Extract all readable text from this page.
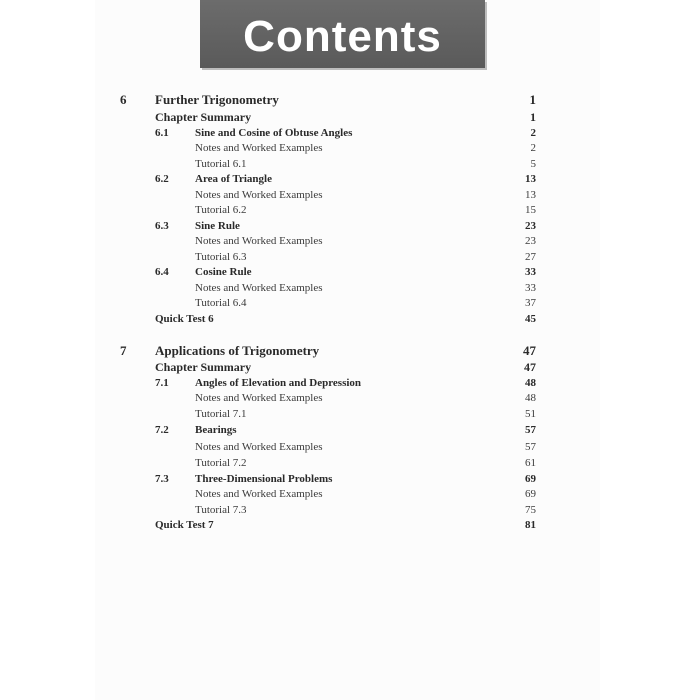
Contents
6 Further Trigonometry	1
Chapter Summary	1
6.1 Sine and Cosine of Obtuse Angles	2
Notes and Worked Examples	2
Tutorial 6.1	5
6.2 Area of Triangle	13
Notes and Worked Examples	13
Tutorial 6.2	15
6.3 Sine Rule	23
Notes and Worked Examples	23
Tutorial 6.3	27
6.4 Cosine Rule	33
Notes and Worked Examples	33
Tutorial 6.4	37
Quick Test 6	45
7 Applications of Trigonometry	47
Chapter Summary	47
7.1 Angles of Elevation and Depression	48
Notes and Worked Examples	48
Tutorial 7.1	51
7.2 Bearings	57
Notes and Worked Examples	57
Tutorial 7.2	61
7.3 Three-Dimensional Problems	69
Notes and Worked Examples	69
Tutorial 7.3	75
Quick Test 7	81
